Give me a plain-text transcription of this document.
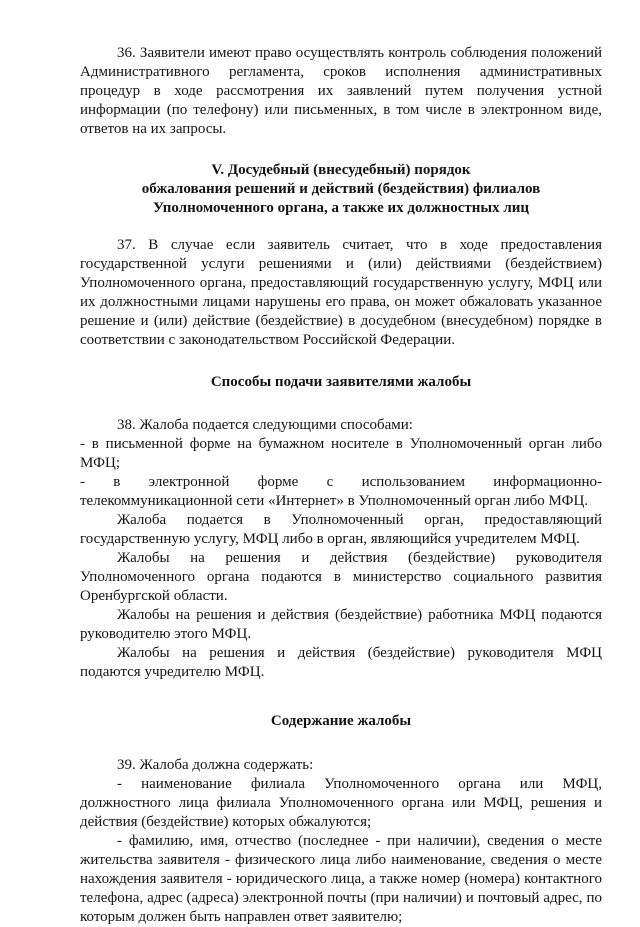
36. Заявители имеют право осуществлять контроль соблюдения положений Административного регламента, сроков исполнения административных процедур в ходе рассмотрения их заявлений путем получения устной информации (по телефону) или письменных, в том числе в электронном виде, ответов на их запросы.

V. Досудебный (внесудебный) порядок
обжалования решений и действий (бездействия) филиалов
Уполномоченного органа, а также их должностных лиц

37. В случае если заявитель считает, что в ходе предоставления государственной услуги решениями и (или) действиями (бездействием) Уполномоченного органа, предоставляющий государственную услугу, МФЦ или их должностными лицами нарушены его права, он может обжаловать указанное решение и (или) действие (бездействие) в досудебном (внесудебном) порядке в соответствии с законодательством Российской Федерации.

Способы подачи заявителями жалобы

38. Жалоба подается следующими способами:

- в письменной форме на бумажном носителе в Уполномоченный орган либо МФЦ;

- в электронной форме с использованием информационно-телекоммуникационной сети «Интернет» в Уполномоченный орган либо МФЦ.

Жалоба подается в Уполномоченный орган, предоставляющий государственную услугу, МФЦ либо в орган, являющийся учредителем МФЦ.

Жалобы на решения и действия (бездействие) руководителя Уполномоченного органа подаются в министерство социального развития Оренбургской области.

Жалобы на решения и действия (бездействие) работника МФЦ подаются руководителю этого МФЦ.

Жалобы на решения и действия (бездействие) руководителя МФЦ подаются учредителю МФЦ.

Содержание жалобы

39. Жалоба должна содержать:

- наименование филиала Уполномоченного органа или МФЦ, должностного лица филиала Уполномоченного органа или МФЦ, решения и действия (бездействие) которых обжалуются;

- фамилию, имя, отчество (последнее - при наличии), сведения о месте жительства заявителя - физического лица либо наименование, сведения о месте нахождения заявителя - юридического лица, а также номер (номера) контактного телефона, адрес (адреса) электронной почты (при наличии) и почтовый адрес, по которым должен быть направлен ответ заявителю;
